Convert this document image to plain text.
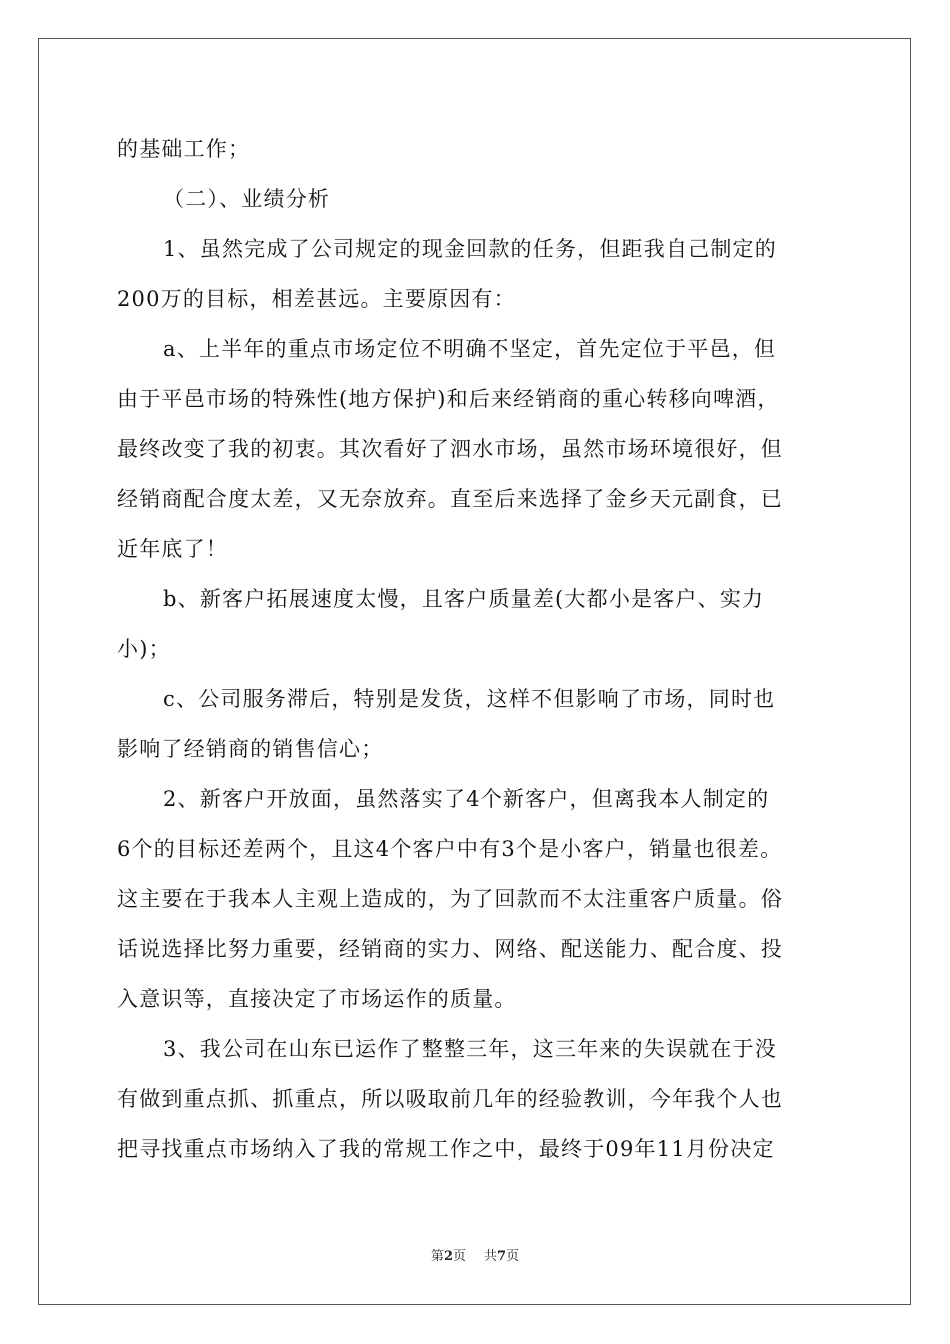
的基础工作；
（二）、业绩分析
1、虽然完成了公司规定的现金回款的任务，但距我自己制定的
200万的目标，相差甚远。主要原因有：
a、上半年的重点市场定位不明确不坚定，首先定位于平邑，但
由于平邑市场的特殊性(地方保护)和后来经销商的重心转移向啤酒，
最终改变了我的初衷。其次看好了泗水市场，虽然市场环境很好，但
经销商配合度太差，又无奈放弃。直至后来选择了金乡天元副食，已
近年底了！
b、新客户拓展速度太慢，且客户质量差(大都小是客户、实力
小)；
c、公司服务滞后，特别是发货，这样不但影响了市场，同时也
影响了经销商的销售信心；
2、新客户开放面，虽然落实了4个新客户，但离我本人制定的
6个的目标还差两个，且这4个客户中有3个是小客户，销量也很差。
这主要在于我本人主观上造成的，为了回款而不太注重客户质量。俗
话说选择比努力重要，经销商的实力、网络、配送能力、配合度、投
入意识等，直接决定了市场运作的质量。
3、我公司在山东已运作了整整三年，这三年来的失误就在于没
有做到重点抓、抓重点，所以吸取前几年的经验教训，今年我个人也
把寻找重点市场纳入了我的常规工作之中，最终于09年11月份决定
第2页 共7页
